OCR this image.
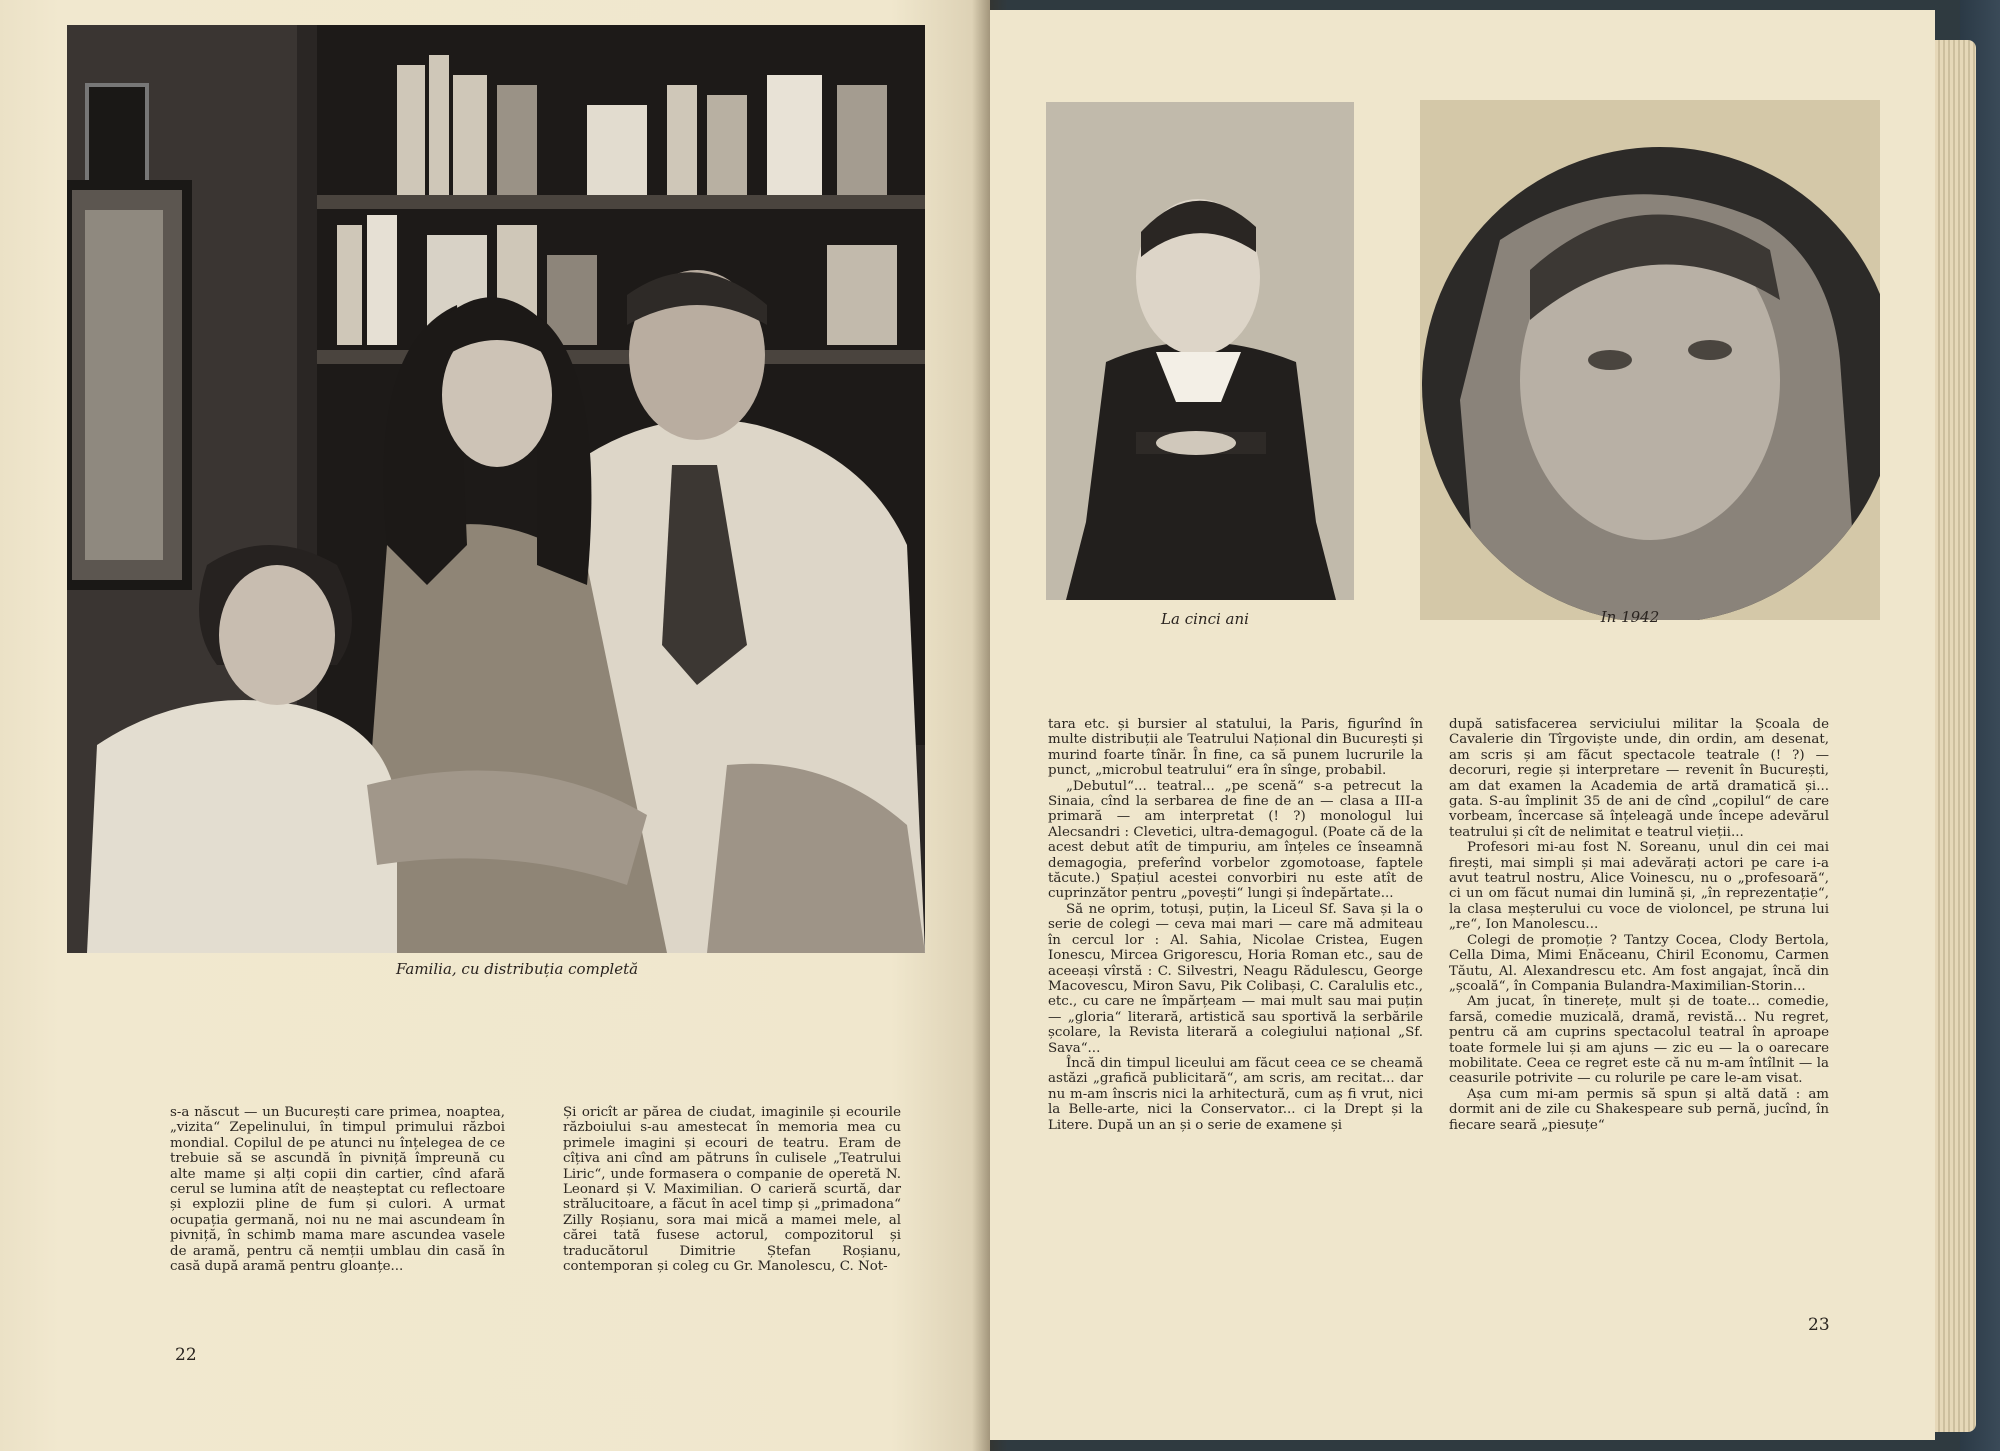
Familia, cu distribuția completă

s-a născut — un București care primea, noaptea, „vizita“ Zepelinului, în timpul primului război mondial. Copilul de pe atunci nu înțelegea de ce trebuie să se ascundă în pivniță împreună cu alte mame și alți copii din cartier, cînd afară cerul se lumina atît de neașteptat cu reflectoare și explozii pline de fum și culori. A urmat ocupația germană, noi nu ne mai ascundeam în pivniță, în schimb mama mare ascundea vasele de aramă, pentru că nemții umblau din casă în casă după aramă pentru gloanțe...

Și oricît ar părea de ciudat, imaginile și ecourile războiului s-au amestecat în memoria mea cu primele imagini și ecouri de teatru. Eram de cîțiva ani cînd am pătruns în culisele „Teatrului Liric“, unde formasera o companie de operetă N. Leonard și V. Maximilian. O carieră scurtă, dar strălucitoare, a făcut în acel timp și „primadona“ Zilly Roșianu, sora mai mică a mamei mele, al cărei tată fusese actorul, compozitorul și traducătorul Dimitrie Ștefan Roșianu, contemporan și coleg cu Gr. Manolescu, C. Not-

22
La cinci ani	In 1942

tara etc. și bursier al statului, la Paris, figurînd în multe distribuții ale Teatrului Național din București și murind foarte tînăr. În fine, ca să punem lucrurile la punct, „microbul teatrului“ era în sînge, probabil.

„Debutul“... teatral... „pe scenă“ s-a petrecut la Sinaia, cînd la serbarea de fine de an — clasa a III-a primară — am interpretat (! ?) monologul lui Alecsandri : Clevetici, ultra-demagogul. (Poate că de la acest debut atît de timpuriu, am înțeles ce înseamnă demagogia, preferînd vorbelor zgomotoase, faptele tăcute.) Spațiul acestei convorbiri nu este atît de cuprinzător pentru „povești“ lungi și îndepărtate...

Să ne oprim, totuși, puțin, la Liceul Sf. Sava și la o serie de colegi — ceva mai mari — care mă admiteau în cercul lor : Al. Sahia, Nicolae Cristea, Eugen Ionescu, Mircea Grigorescu, Horia Roman etc., sau de aceeași vîrstă : C. Silvestri, Neagu Rădulescu, George Macovescu, Miron Savu, Pik Colibași, C. Caralulis etc., etc., cu care ne împărțeam — mai mult sau mai puțin — „gloria“ literară, artistică sau sportivă la serbările școlare, la Revista literară a colegiului național „Sf. Sava“...

Încă din timpul liceului am făcut ceea ce se cheamă astăzi „grafică publicitară“, am scris, am recitat... dar nu m-am înscris nici la arhitectură, cum aș fi vrut, nici la Belle-arte, nici la Conservator... ci la Drept și la Litere. După un an și o serie de examene și

după satisfacerea serviciului militar la Școala de Cavalerie din Tîrgoviște unde, din ordin, am desenat, am scris și am făcut spectacole teatrale (! ?) — decoruri, regie și interpretare — revenit în București, am dat examen la Academia de artă dramatică și... gata. S-au împlinit 35 de ani de cînd „copilul“ de care vorbeam, încercase să înțeleagă unde începe adevărul teatrului și cît de nelimitat e teatrul vieții...

Profesori mi-au fost N. Soreanu, unul din cei mai firești, mai simpli și mai adevărați actori pe care i-a avut teatrul nostru, Alice Voinescu, nu o „profesoară“, ci un om făcut numai din lumină și, „în reprezentație“, la clasa meșterului cu voce de violoncel, pe struna lui „re“, Ion Manolescu...

Colegi de promoție ? Tantzy Cocea, Clody Bertola, Cella Dima, Mimi Enăceanu, Chiril Economu, Carmen Tăutu, Al. Alexandrescu etc. Am fost angajat, încă din „școală“, în Compania Bulandra-Maximilian-Storin...

Am jucat, în tinerețe, mult și de toate... comedie, farsă, comedie muzicală, dramă, revistă... Nu regret, pentru că am cuprins spectacolul teatral în aproape toate formele lui și am ajuns — zic eu — la o oarecare mobilitate. Ceea ce regret este că nu m-am întîlnit — la ceasurile potrivite — cu rolurile pe care le-am visat.

Așa cum mi-am permis să spun și altă dată : am dormit ani de zile cu Shakespeare sub pernă, jucînd, în fiecare seară „piesuțe“

23
